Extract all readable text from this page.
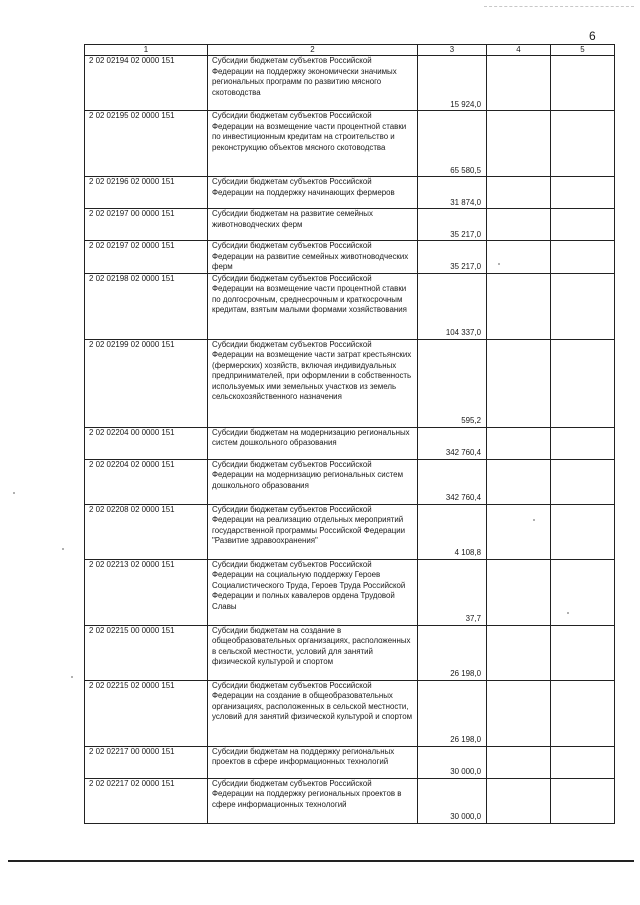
6
1	2	3	4	5
2 02 02194 02 0000 151	Субсидии бюджетам субъектов Российской Федерации на поддержку экономически значимых региональных программ по развитию мясного скотоводства	15 924,0		
2 02 02195 02 0000 151	Субсидии бюджетам субъектов Российской Федерации на возмещение части процентной ставки по инвестиционным кредитам на строительство и реконструкцию объектов мясного скотоводства	65 580,5		
2 02 02196 02 0000 151	Субсидии бюджетам субъектов Российской Федерации на поддержку начинающих фермеров	31 874,0		
2 02 02197 00 0000 151	Субсидии бюджетам на развитие семейных животноводческих ферм	35 217,0		
2 02 02197 02 0000 151	Субсидии бюджетам субъектов Российской Федерации на развитие семейных животноводческих ферм	35 217,0		
2 02 02198 02 0000 151	Субсидии бюджетам субъектов Российской Федерации на возмещение части процентной ставки по долгосрочным, среднесрочным и краткосрочным кредитам, взятым малыми формами хозяйствования	104 337,0		
2 02 02199 02 0000 151	Субсидии бюджетам субъектов Российской Федерации на возмещение части затрат крестьянских (фермерских) хозяйств, включая индивидуальных предпринимателей, при оформлении в собственность используемых ими земельных участков из земель сельскохозяйственного назначения	595,2		
2 02 02204 00 0000 151	Субсидии бюджетам на модернизацию региональных систем дошкольного образования	342 760,4		
2 02 02204 02 0000 151	Субсидии бюджетам субъектов Российской Федерации на модернизацию региональных систем дошкольного образования	342 760,4		
2 02 02208 02 0000 151	Субсидии бюджетам субъектов Российской Федерации на реализацию отдельных мероприятий государственной программы Российской Федерации "Развитие здравоохранения"	4 108,8		
2 02 02213 02 0000 151	Субсидии бюджетам субъектов Российской Федерации на социальную поддержку Героев Социалистического Труда, Героев Труда Российской Федерации и полных кавалеров ордена Трудовой Славы	37,7		
2 02 02215 00 0000 151	Субсидии бюджетам на создание в общеобразовательных организациях, расположенных в сельской местности, условий для занятий физической культурой и спортом	26 198,0		
2 02 02215 02 0000 151	Субсидии бюджетам субъектов Российской Федерации на создание в общеобразовательных организациях, расположенных в сельской местности, условий для занятий физической культурой и спортом	26 198,0		
2 02 02217 00 0000 151	Субсидии бюджетам на поддержку региональных проектов в сфере информационных технологий	30 000,0		
2 02 02217 02 0000 151	Субсидии бюджетам субъектов Российской Федерации на поддержку региональных проектов в сфере информационных технологий	30 000,0		
